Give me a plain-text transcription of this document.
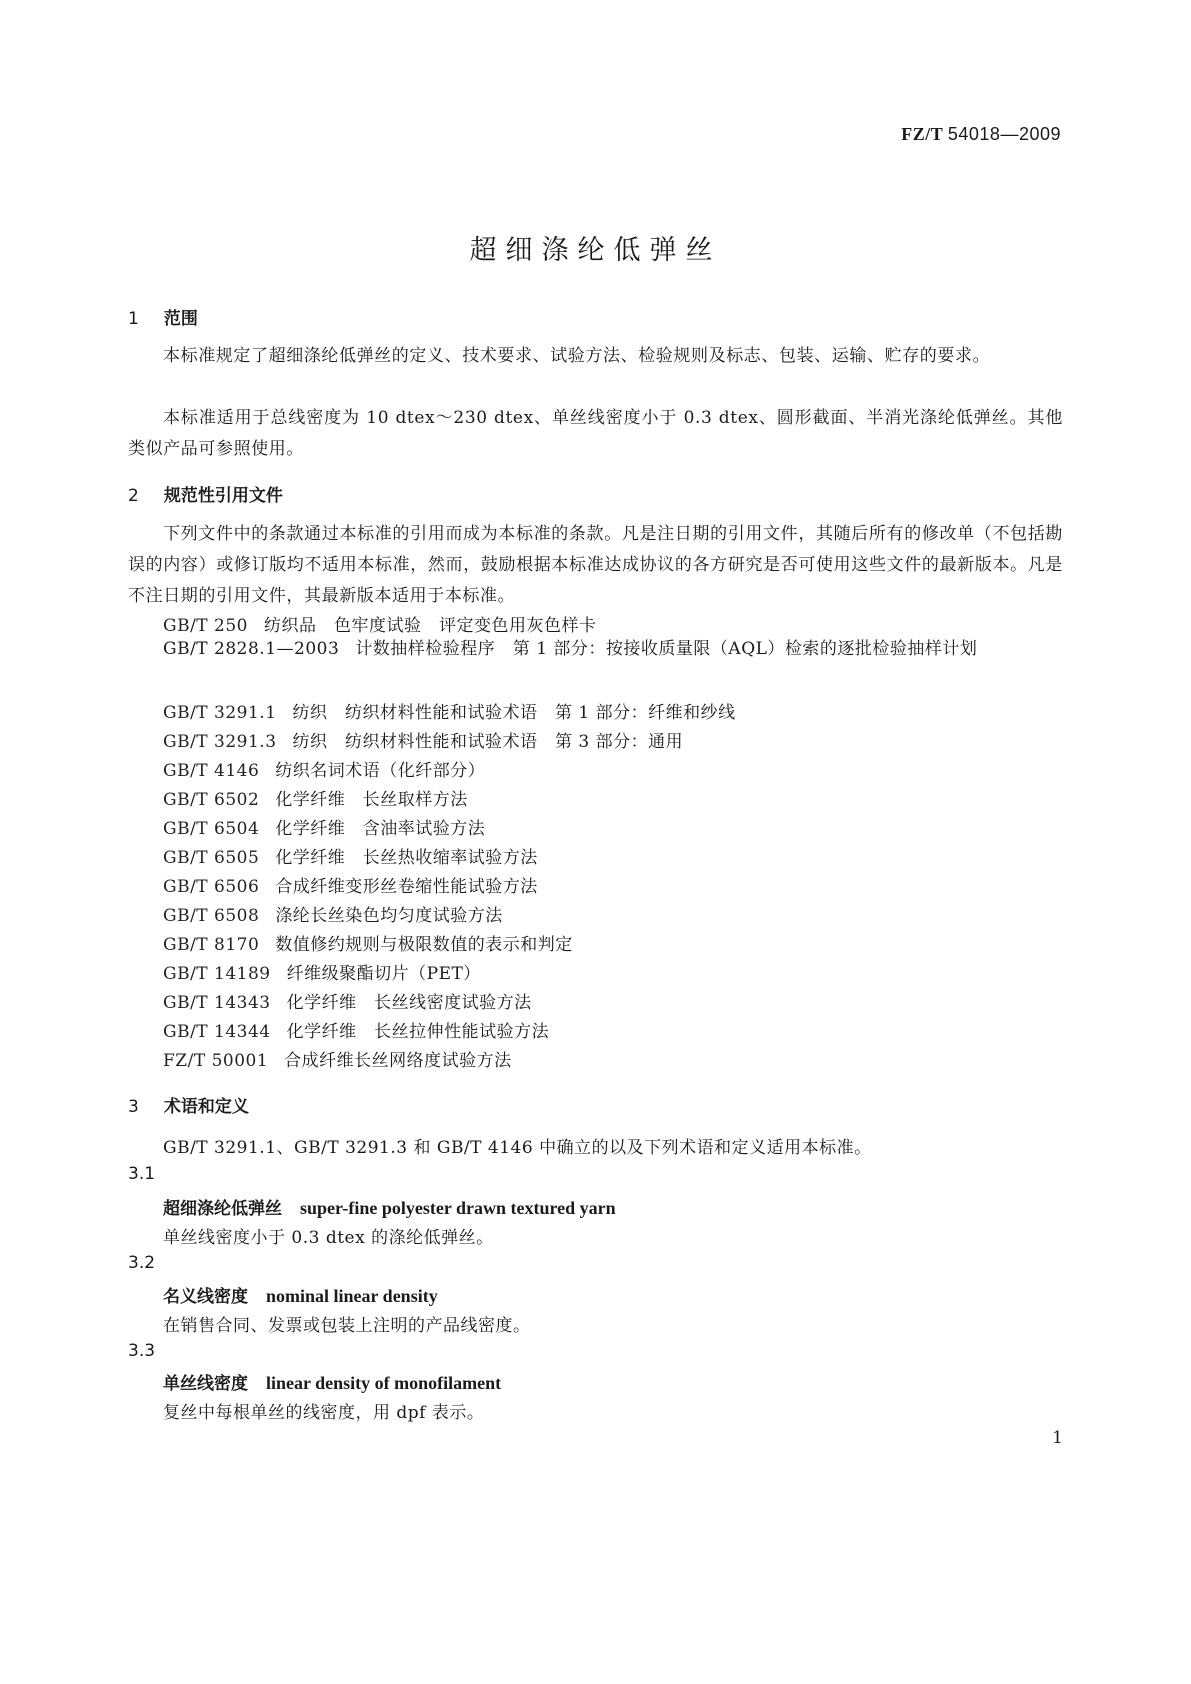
FZ/T 54018—2009
超细涤纶低弹丝
1 范围
本标准规定了超细涤纶低弹丝的定义、技术要求、试验方法、检验规则及标志、包装、运输、贮存的要求。
本标准适用于总线密度为 10 dtex～230 dtex、单丝线密度小于 0.3 dtex、圆形截面、半消光涤纶低弹丝。其他类似产品可参照使用。
2 规范性引用文件
下列文件中的条款通过本标准的引用而成为本标准的条款。凡是注日期的引用文件，其随后所有的修改单（不包括勘误的内容）或修订版均不适用本标准，然而，鼓励根据本标准达成协议的各方研究是否可使用这些文件的最新版本。凡是不注日期的引用文件，其最新版本适用于本标准。
GB/T 250 纺织品　色牢度试验　评定变色用灰色样卡
GB/T 2828.1—2003 计数抽样检验程序　第 1 部分：按接收质量限（AQL）检索的逐批检验抽样计划
GB/T 3291.1 纺织　纺织材料性能和试验术语　第 1 部分：纤维和纱线
GB/T 3291.3 纺织　纺织材料性能和试验术语　第 3 部分：通用
GB/T 4146 纺织名词术语（化纤部分）
GB/T 6502 化学纤维　长丝取样方法
GB/T 6504 化学纤维　含油率试验方法
GB/T 6505 化学纤维　长丝热收缩率试验方法
GB/T 6506 合成纤维变形丝卷缩性能试验方法
GB/T 6508 涤纶长丝染色均匀度试验方法
GB/T 8170 数值修约规则与极限数值的表示和判定
GB/T 14189 纤维级聚酯切片（PET）
GB/T 14343 化学纤维　长丝线密度试验方法
GB/T 14344 化学纤维　长丝拉伸性能试验方法
FZ/T 50001 合成纤维长丝网络度试验方法
3 术语和定义
GB/T 3291.1、GB/T 3291.3 和 GB/T 4146 中确立的以及下列术语和定义适用本标准。
3.1
超细涤纶低弹丝 super-fine polyester drawn textured yarn
单丝线密度小于 0.3 dtex 的涤纶低弹丝。
3.2
名义线密度 nominal linear density
在销售合同、发票或包装上注明的产品线密度。
3.3
单丝线密度 linear density of monofilament
复丝中每根单丝的线密度，用 dpf 表示。
1
